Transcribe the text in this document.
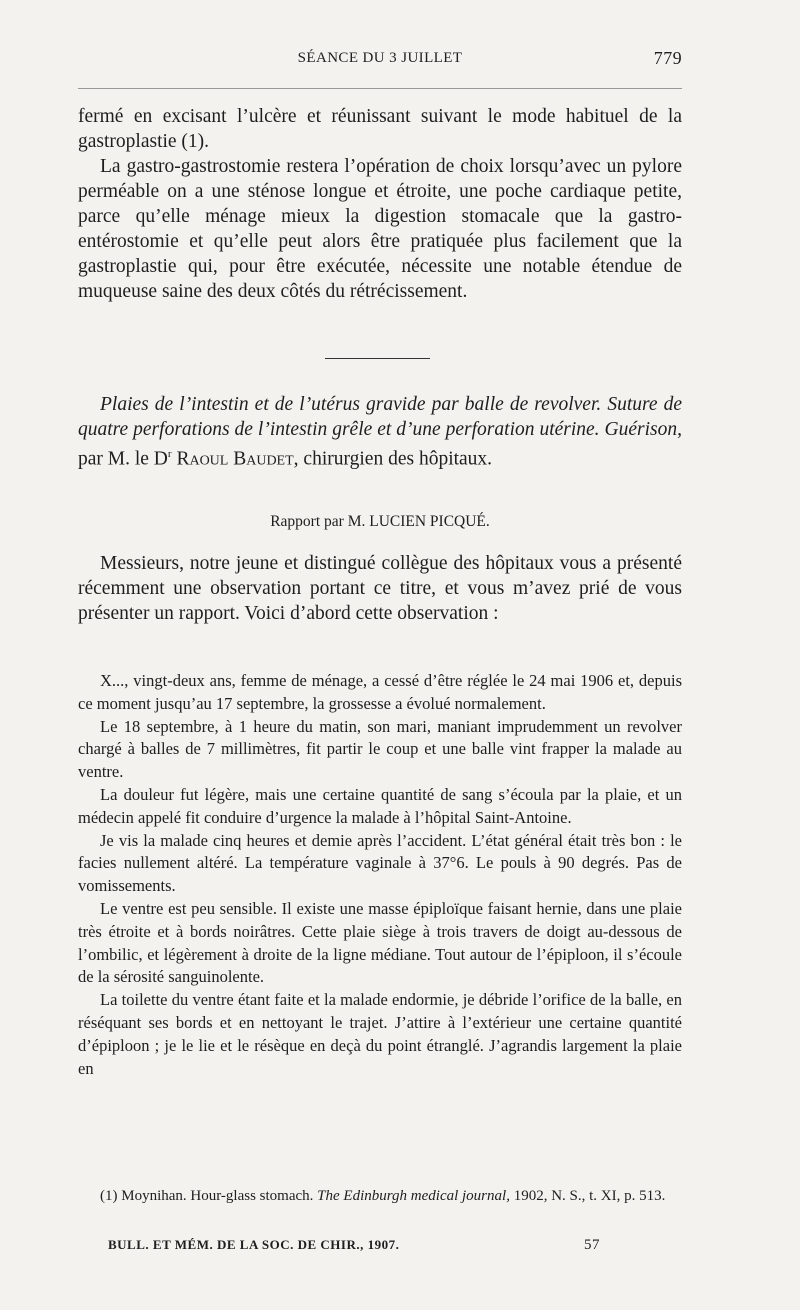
SÉANCE DU 3 JUILLET	779

fermé en excisant l’ulcère et réunissant suivant le mode habituel de la gastroplastie (1).

La gastro-gastrostomie restera l’opération de choix lorsqu’avec un pylore perméable on a une sténose longue et étroite, une poche cardiaque petite, parce qu’elle ménage mieux la digestion stomacale que la gastro-entérostomie et qu’elle peut alors être pratiquée plus facilement que la gastroplastie qui, pour être exécutée, nécessite une notable étendue de muqueuse saine des deux côtés du rétrécissement.

Plaies de l’intestin et de l’utérus gravide par balle de revolver. Suture de quatre perforations de l’intestin grêle et d’une perforation utérine. Guérison, par M. le $D^r$ Raoul Baudet, chirurgien des hôpitaux.

Rapport par M. LUCIEN PICQUÉ.

Messieurs, notre jeune et distingué collègue des hôpitaux vous a présenté récemment une observation portant ce titre, et vous m’avez prié de vous présenter un rapport. Voici d’abord cette observation :

X..., vingt-deux ans, femme de ménage, a cessé d’être réglée le 24 mai 1906 et, depuis ce moment jusqu’au 17 septembre, la grossesse a évolué normalement.

Le 18 septembre, à 1 heure du matin, son mari, maniant imprudemment un revolver chargé à balles de 7 millimètres, fit partir le coup et une balle vint frapper la malade au ventre.

La douleur fut légère, mais une certaine quantité de sang s’écoula par la plaie, et un médecin appelé fit conduire d’urgence la malade à l’hôpital Saint-Antoine.

Je vis la malade cinq heures et demie après l’accident. L’état général était très bon : le facies nullement altéré. La température vaginale à 37°6. Le pouls à 90 degrés. Pas de vomissements.

Le ventre est peu sensible. Il existe une masse épiploïque faisant hernie, dans une plaie très étroite et à bords noirâtres. Cette plaie siège à trois travers de doigt au-dessous de l’ombilic, et légèrement à droite de la ligne médiane. Tout autour de l’épiploon, il s’écoule de la sérosité sanguinolente.

La toilette du ventre étant faite et la malade endormie, je débride l’orifice de la balle, en réséquant ses bords et en nettoyant le trajet. J’attire à l’extérieur une certaine quantité d’épiploon ; je le lie et le résèque en deçà du point étranglé. J’agrandis largement la plaie en

(1) Moynihan. Hour-glass stomach. The Edinburgh medical journal, 1902, N. S., t. XI, p. 513.

BULL. ET MÉM. DE LA SOC. DE CHIR., 1907.	57
